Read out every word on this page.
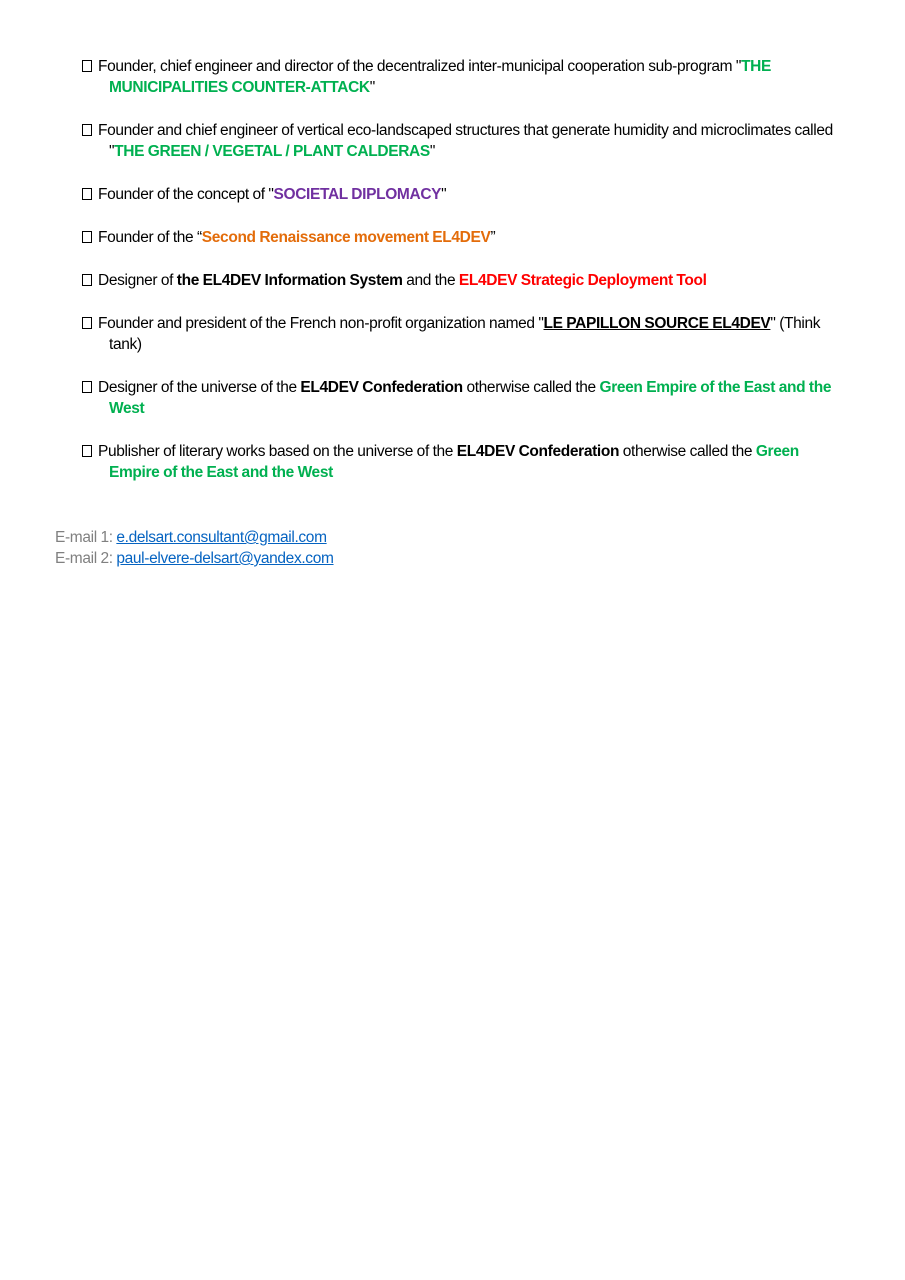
Founder, chief engineer and director of the decentralized inter-municipal cooperation sub-program "THE MUNICIPALITIES COUNTER-ATTACK"
Founder and chief engineer of vertical eco-landscaped structures that generate humidity and microclimates called "THE GREEN / VEGETAL / PLANT CALDERAS"
Founder of the concept of "SOCIETAL DIPLOMACY"
Founder of the “Second Renaissance movement EL4DEV”
Designer of the EL4DEV Information System and the EL4DEV Strategic Deployment Tool
Founder and president of the French non-profit organization named "LE PAPILLON SOURCE EL4DEV" (Think tank)
Designer of the universe of the EL4DEV Confederation otherwise called the Green Empire of the East and the West
Publisher of literary works based on the universe of the EL4DEV Confederation otherwise called the Green Empire of the East and the West
E-mail 1: e.delsart.consultant@gmail.com
E-mail 2: paul-elvere-delsart@yandex.com
